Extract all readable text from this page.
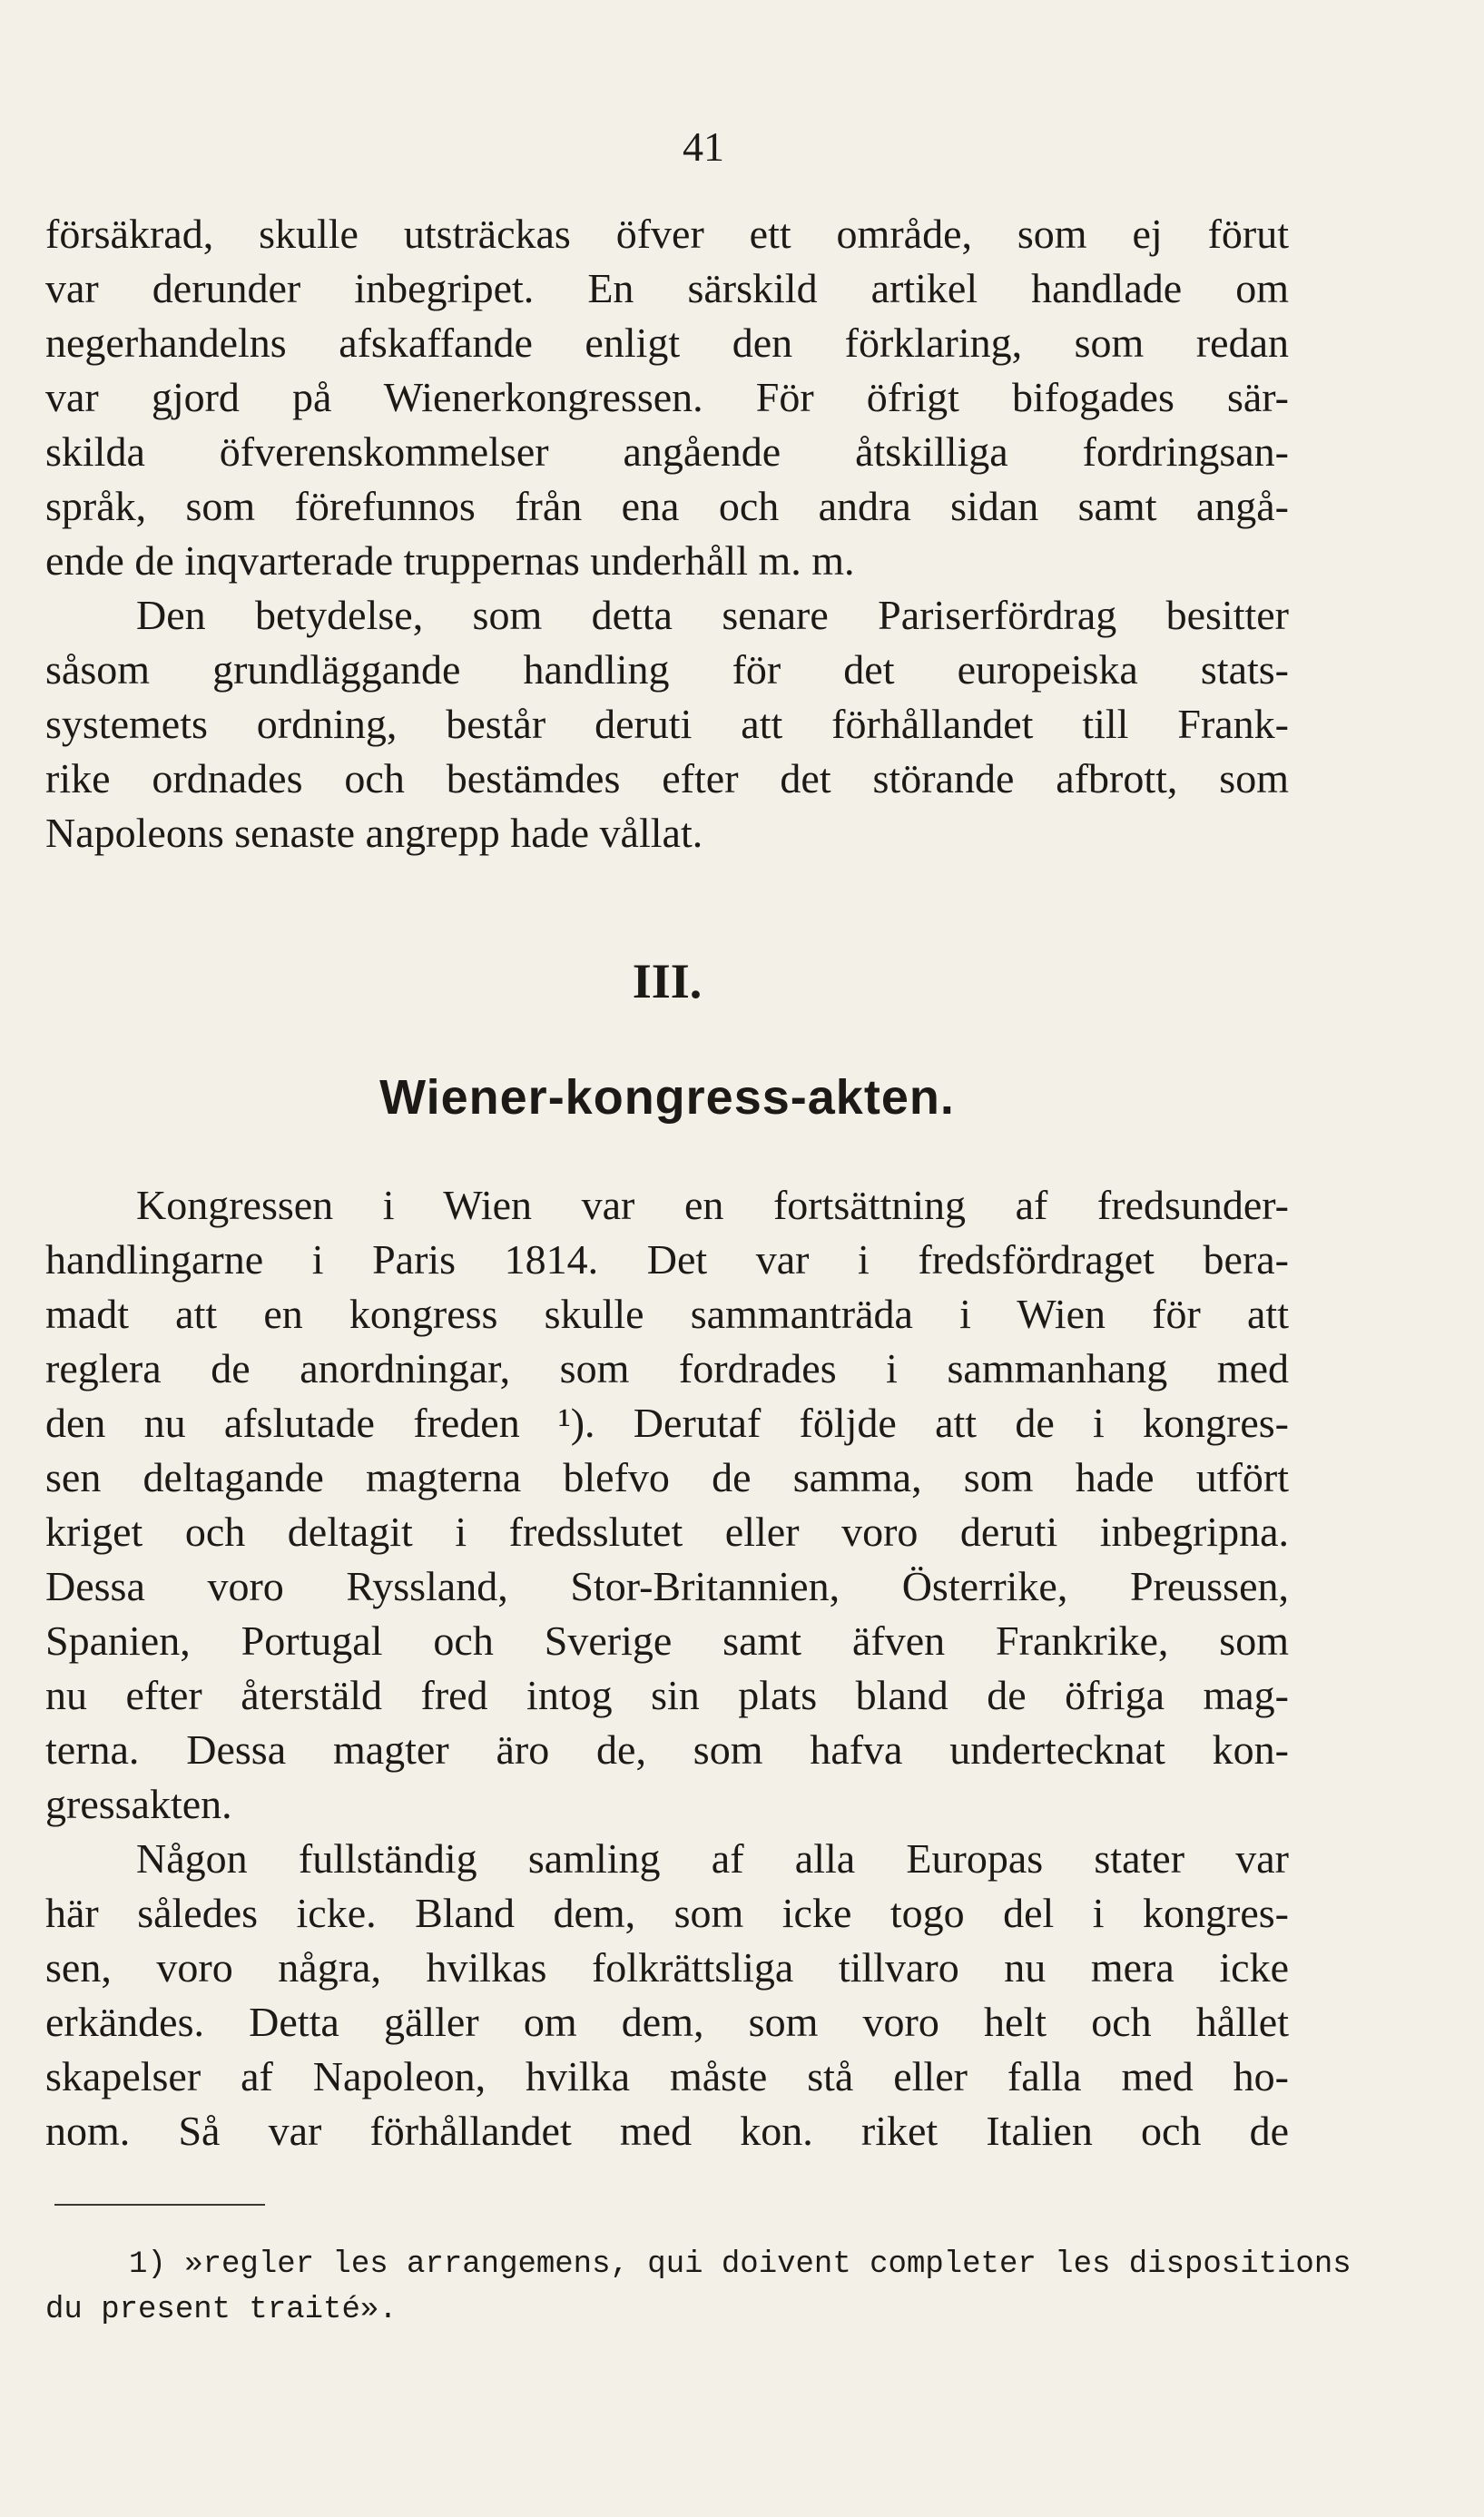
41
försäkrad, skulle utsträckas öfver ett område, som ej förut
var derunder inbegripet. En särskild artikel handlade om
negerhandelns afskaffande enligt den förklaring, som redan
var gjord på Wienerkongressen. För öfrigt bifogades sär-
skilda öfverenskommelser angående åtskilliga fordringsan-
språk, som förefunnos från ena och andra sidan samt angå-
ende de inqvarterade truppernas underhåll m. m.
Den betydelse, som detta senare Pariserfördrag besitter
såsom grundläggande handling för det europeiska stats-
systemets ordning, består deruti att förhållandet till Frank-
rike ordnades och bestämdes efter det störande afbrott, som
Napoleons senaste angrepp hade vållat.
III.
Wiener-kongress-akten.
Kongressen i Wien var en fortsättning af fredsunder-
handlingarne i Paris 1814. Det var i fredsfördraget bera-
madt att en kongress skulle sammanträda i Wien för att
reglera de anordningar, som fordrades i sammanhang med
den nu afslutade freden ¹). Derutaf följde att de i kongres-
sen deltagande magterna blefvo de samma, som hade utfört
kriget och deltagit i fredsslutet eller voro deruti inbegripna.
Dessa voro Ryssland, Stor-Britannien, Österrike, Preussen,
Spanien, Portugal och Sverige samt äfven Frankrike, som
nu efter återstäld fred intog sin plats bland de öfriga mag-
terna. Dessa magter äro de, som hafva undertecknat kon-
gressakten.
Någon fullständig samling af alla Europas stater var
här således icke. Bland dem, som icke togo del i kongres-
sen, voro några, hvilkas folkrättsliga tillvaro nu mera icke
erkändes. Detta gäller om dem, som voro helt och hållet
skapelser af Napoleon, hvilka måste stå eller falla med ho-
nom. Så var förhållandet med kon. riket Italien och de
1) »regler les arrangemens, qui doivent completer les dispositions
du present traité».
